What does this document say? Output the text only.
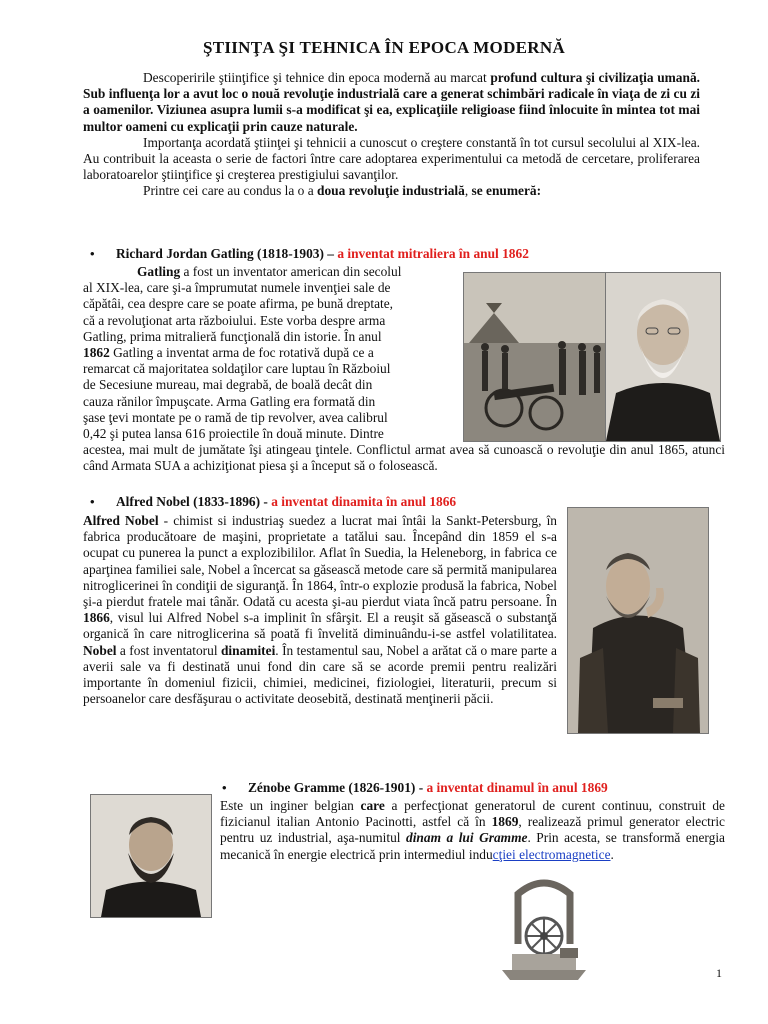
ŞTIINŢA ŞI TEHNICA ÎN EPOCA MODERNĂ
Descoperirile ştiinţifice şi tehnice din epoca modernă au marcat profund cultura şi civilizaţia umană. Sub influenţa lor a avut loc o nouă revoluţie industrială care a generat schimbări radicale în viaţa de zi cu zi a oamenilor. Viziunea asupra lumii s-a modificat şi ea, explicaţiile religioase fiind înlocuite în mintea tot mai multor oameni cu explicaţii prin cauze naturale.
Importanţa acordată ştiinţei şi tehnicii a cunoscut o creştere constantă în tot cursul secolului al XIX-lea. Au contribuit la aceasta o serie de factori între care adoptarea experimentului ca metodă de cercetare, proliferarea laboratoarelor ştiinţifice şi creşterea prestigiului savanţilor.
Printre cei care au condus la o a doua revoluţie industrială, se enumeră:
• Richard Jordan Gatling (1818-1903) – a inventat mitraliera în anul 1862
Gatling a fost un inventator american din secolul
al XIX-lea, care şi-a împrumutat numele invenţiei sale de
căpătâi, cea despre care se poate afirma, pe bună dreptate,
că a revoluţionat arta războiului. Este vorba despre arma
Gatling, prima mitralieră funcţională din istorie. În anul
1862 Gatling a inventat arma de foc rotativă după ce a
remarcat că majoritatea soldaţilor care luptau în Războiul
de Secesiune mureau, mai degrabă, de boală decât din
cauza rănilor împuşcate. Arma Gatling era formată din
şase ţevi montate pe o ramă de tip revolver, avea calibrul
0,42 şi putea lansa 616 proiectile în două minute. Dintre
acestea, mai mult de jumătate îşi atingeau ţintele. Conflictul armat avea să cunoască o revoluţie din anul 1865, atunci când Armata SUA a achiziţionat piesa şi a început să o folosească.
• Alfred Nobel (1833-1896) - a inventat dinamita în anul 1866
Alfred Nobel - chimist si industriaş suedez a lucrat mai întâi la Sankt-Petersburg, în fabrica producătoare de maşini, proprietate a tatălui sau. Începând din 1859 el s-a ocupat cu punerea la punct a explozibililor. Aflat în Suedia, la Heleneborg, in fabrica ce aparţinea familiei sale, Nobel a încercat sa găsească metode care să permită manipularea nitroglicerinei în condiţii de siguranţă. În 1864, într-o explozie produsă la fabrica, Nobel şi-a pierdut fratele mai tânăr. Odată cu acesta şi-au pierdut viata încă patru persoane. În 1866, visul lui Alfred Nobel s-a implinit în sfârşit. El a reuşit să găsească o substanţă organică în care nitroglicerina să poată fi învelită diminuându-i-se astfel volatilitatea. Nobel a fost inventatorul dinamitei. În testamentul sau, Nobel a arătat că o mare parte a averii sale va fi destinată unui fond din care să se acorde premii pentru realizări importante în domeniul fizicii, chimiei, medicinei, fiziologiei, literaturii, precum si persoanelor care desfăşurau o activitate deosebită, destinată menţinerii păcii.
• Zénobe Gramme (1826-1901) - a inventat dinamul în anul 1869
Este un inginer belgian care a perfecţionat generatorul de curent continuu, construit de fizicianul italian Antonio Pacinotti, astfel că în 1869, realizează primul generator electric pentru uz industrial, aşa-numitul dinam a lui Gramme. Prin acesta, se transformă energia mecanică în energie electrică prin intermediul inducţiei electromagnetice.
1
